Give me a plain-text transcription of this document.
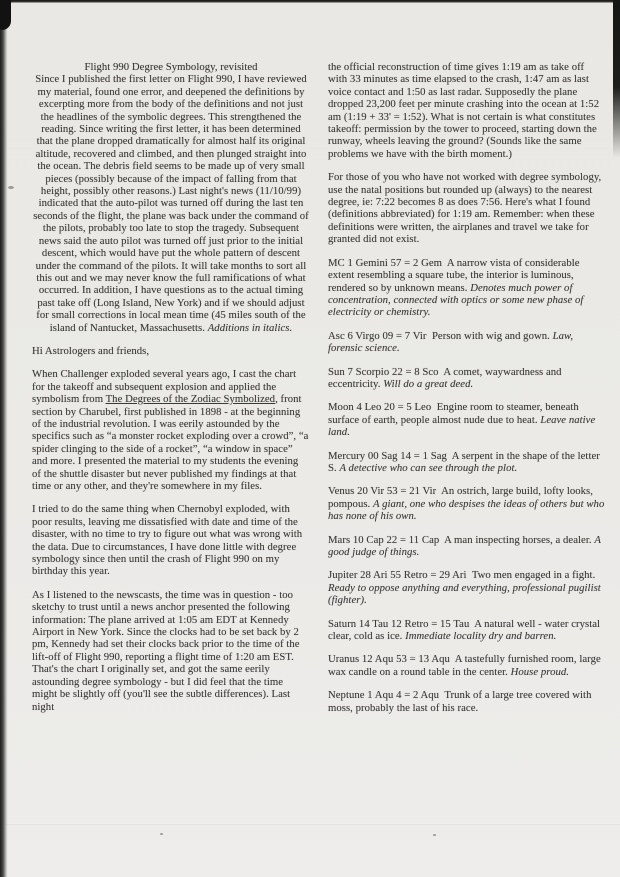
Flight 990 Degree Symbology, revisited

Since I published the first letter on Flight 990, I have reviewed my material, found one error, and deepened the definitions by excerpting more from the body of the definitions and not just the headlines of the symbolic degrees. This strengthened the reading. Since writing the first letter, it has been determined that the plane dropped dramatically for almost half its original altitude, recovered and climbed, and then plunged straight into the ocean. The debris field seems to be made up of very small pieces (possibly because of the impact of falling from that height, possibly other reasons.) Last night's news (11/10/99) indicated that the auto-pilot was turned off during the last ten seconds of the flight, the plane was back under the command of the pilots, probably too late to stop the tragedy. Subsequent news said the auto pilot was turned off just prior to the initial descent, which would have put the whole pattern of descent under the command of the pilots. It will take months to sort all this out and we may never know the full ramifications of what occurred. In addition, I have questions as to the actual timing past take off (Long Island, New York) and if we should adjust for small corrections in local mean time (45 miles south of the island of Nantucket, Massachusetts. Additions in italics.

Hi Astrologers and friends,

When Challenger exploded several years ago, I cast the chart for the takeoff and subsequent explosion and applied the symbolism from The Degrees of the Zodiac Symbolized, front section by Charubel, first published in 1898 - at the beginning of the industrial revolution. I was eerily astounded by the specifics such as “a monster rocket exploding over a crowd”, “a spider clinging to the side of a rocket”, “a window in space” and more. I presented the material to my students the evening of the shuttle disaster but never published my findings at that time or any other, and they're somewhere in my files.

I tried to do the same thing when Chernobyl exploded, with poor results, leaving me dissatisfied with date and time of the disaster, with no time to try to figure out what was wrong with the data. Due to circumstances, I have done little with degree symbology since then until the crash of Flight 990 on my birthday this year.

As I listened to the newscasts, the time was in question - too sketchy to trust until a news anchor presented the following information: The plane arrived at 1:05 am EDT at Kennedy Airport in New York. Since the clocks had to be set back by 2 pm, Kennedy had set their clocks back prior to the time of the lift-off of Flight 990, reporting a flight time of 1:20 am EST. That's the chart I originally set, and got the same eerily astounding degree symbology - but I did feel that the time might be slightly off (you'll see the subtle differences). Last night

the official reconstruction of time gives 1:19 am as take off with 33 minutes as time elapsed to the crash, 1:47 am as last voice contact and 1:50 as last radar. Supposedly the plane dropped 23,200 feet per minute crashing into the ocean at 1:52 am (1:19 + 33' = 1:52). What is not certain is what constitutes takeoff: permission by the tower to proceed, starting down the runway, wheels leaving the ground? (Sounds like the same problems we have with the birth moment.)

For those of you who have not worked with degree symbology, use the natal positions but rounded up (always) to the nearest degree, ie: 7:22 becomes 8 as does 7:56. Here's what I found (definitions abbreviated) for 1:19 am. Remember: when these definitions were written, the airplanes and travel we take for granted did not exist.

MC 1 Gemini 57 = 2 Gem A narrow vista of considerable extent resembling a square tube, the interior is luminous, rendered so by unknown means. Denotes much power of concentration, connected with optics or some new phase of electricity or chemistry.

Asc 6 Virgo 09 = 7 Vir Person with wig and gown. Law, forensic science.

Sun 7 Scorpio 22 = 8 Sco A comet, waywardness and eccentricity. Will do a great deed.

Moon 4 Leo 20 = 5 Leo Engine room to steamer, beneath surface of earth, people almost nude due to heat. Leave native land.

Mercury 00 Sag 14 = 1 Sag A serpent in the shape of the letter S. A detective who can see through the plot.

Venus 20 Vir 53 = 21 Vir An ostrich, large build, lofty looks, pompous. A giant, one who despises the ideas of others but who has none of his own.

Mars 10 Cap 22 = 11 Cap A man inspecting horses, a dealer. A good judge of things.

Jupiter 28 Ari 55 Retro = 29 Ari Two men engaged in a fight. Ready to oppose anything and everything, professional pugilist (fighter).

Saturn 14 Tau 12 Retro = 15 Tau A natural well - water crystal clear, cold as ice. Immediate locality dry and barren.

Uranus 12 Aqu 53 = 13 Aqu A tastefully furnished room, large wax candle on a round table in the center. House proud.

Neptune 1 Aqu 4 = 2 Aqu Trunk of a large tree covered with moss, probably the last of his race.
